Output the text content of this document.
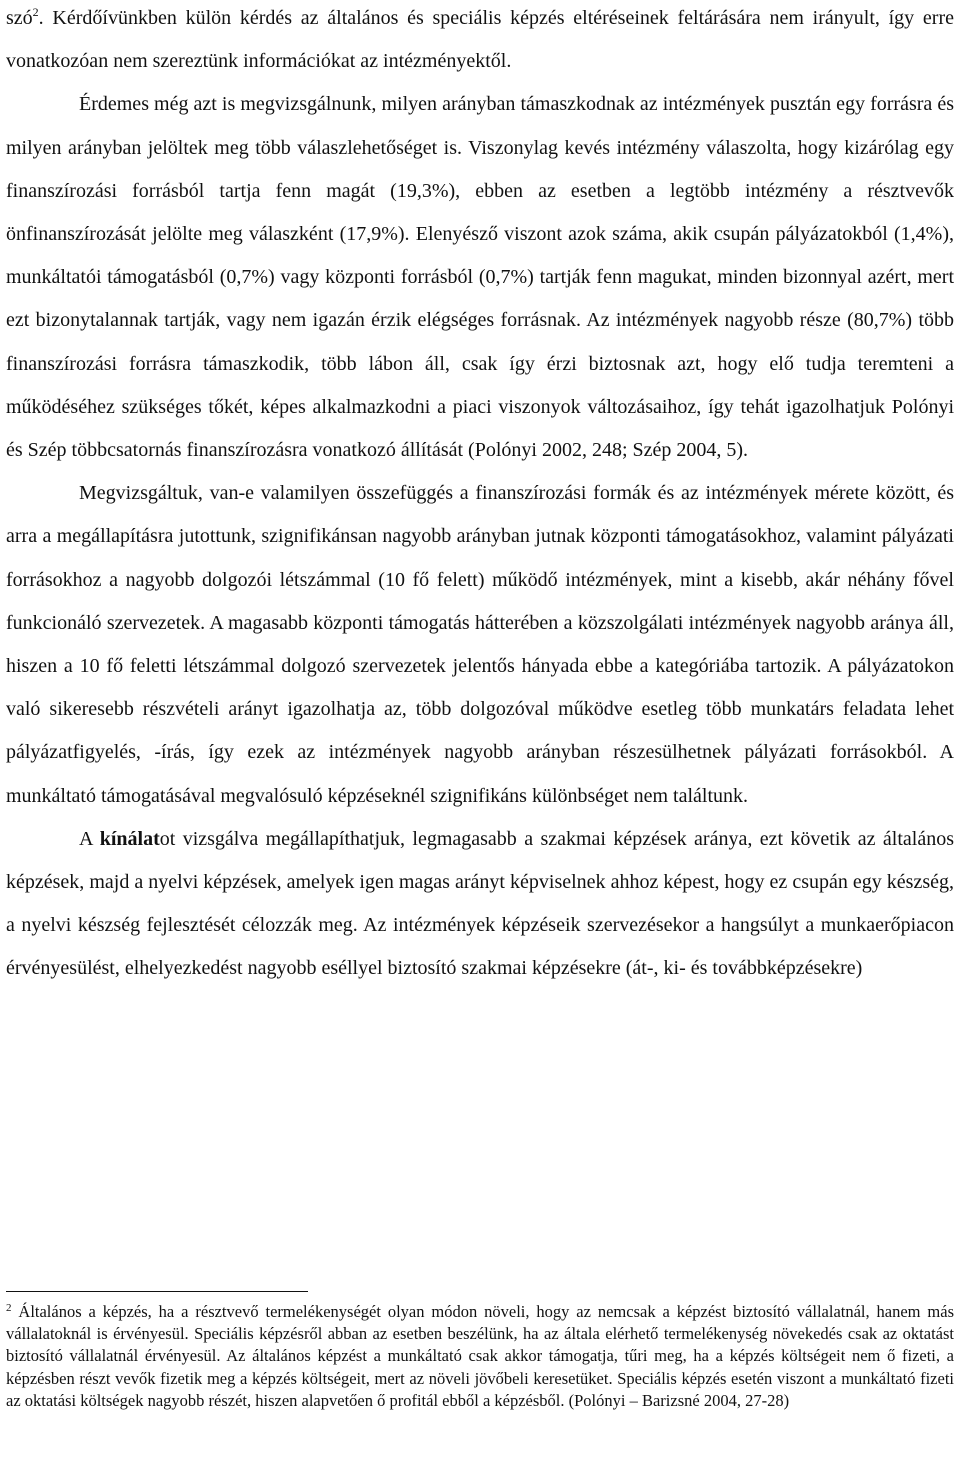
szó$^2$. Kérdőívünkben külön kérdés az általános és speciális képzés eltéréseinek feltárására nem irányult, így erre vonatkozóan nem szereztünk információkat az intézményektől.

Érdemes még azt is megvizsgálnunk, milyen arányban támaszkodnak az intézmények pusztán egy forrásra és milyen arányban jelöltek meg több válaszlehetőséget is. Viszonylag kevés intézmény válaszolta, hogy kizárólag egy finanszírozási forrásból tartja fenn magát (19,3%), ebben az esetben a legtöbb intézmény a résztvevők önfinanszírozását jelölte meg válaszként (17,9%). Elenyésző viszont azok száma, akik csupán pályázatokból (1,4%), munkáltatói támogatásból (0,7%) vagy központi forrásból (0,7%) tartják fenn magukat, minden bizonnyal azért, mert ezt bizonytalannak tartják, vagy nem igazán érzik elégséges forrásnak. Az intézmények nagyobb része (80,7%) több finanszírozási forrásra támaszkodik, több lábon áll, csak így érzi biztosnak azt, hogy elő tudja teremteni a működéséhez szükséges tőkét, képes alkalmazkodni a piaci viszonyok változásaihoz, így tehát igazolhatjuk Polónyi és Szép többcsatornás finanszírozásra vonatkozó állítását (Polónyi 2002, 248; Szép 2004, 5).

Megvizsgáltuk, van-e valamilyen összefüggés a finanszírozási formák és az intézmények mérete között, és arra a megállapításra jutottunk, szignifikánsan nagyobb arányban jutnak központi támogatásokhoz, valamint pályázati forrásokhoz a nagyobb dolgozói létszámmal (10 fő felett) működő intézmények, mint a kisebb, akár néhány fővel funkcionáló szervezetek. A magasabb központi támogatás hátterében a közszolgálati intézmények nagyobb aránya áll, hiszen a 10 fő feletti létszámmal dolgozó szervezetek jelentős hányada ebbe a kategóriába tartozik. A pályázatokon való sikeresebb részvételi arányt igazolhatja az, több dolgozóval működve esetleg több munkatárs feladata lehet pályázatfigyelés, -írás, így ezek az intézmények nagyobb arányban részesülhetnek pályázati forrásokból. A munkáltató támogatásával megvalósuló képzéseknél szignifikáns különbséget nem találtunk.

A kínálatot vizsgálva megállapíthatjuk, legmagasabb a szakmai képzések aránya, ezt követik az általános képzések, majd a nyelvi képzések, amelyek igen magas arányt képviselnek ahhoz képest, hogy ez csupán egy készség, a nyelvi készség fejlesztését célozzák meg. Az intézmények képzéseik szervezésekor a hangsúlyt a munkaerőpiacon érvényesülést, elhelyezkedést nagyobb eséllyel biztosító szakmai képzésekre (át-, ki- és továbbképzésekre)

$^2$ Általános a képzés, ha a résztvevő termelékenységét olyan módon növeli, hogy az nemcsak a képzést biztosító vállalatnál, hanem más vállalatoknál is érvényesül. Speciális képzésről abban az esetben beszélünk, ha az általa elérhető termelékenység növekedés csak az oktatást biztosító vállalatnál érvényesül. Az általános képzést a munkáltató csak akkor támogatja, tűri meg, ha a képzés költségeit nem ő fizeti, a képzésben részt vevők fizetik meg a képzés költségeit, mert az növeli jövőbeli keresetüket. Speciális képzés esetén viszont a munkáltató fizeti az oktatási költségek nagyobb részét, hiszen alapvetően ő profitál ebből a képzésből. (Polónyi – Barizsné 2004, 27-28)
